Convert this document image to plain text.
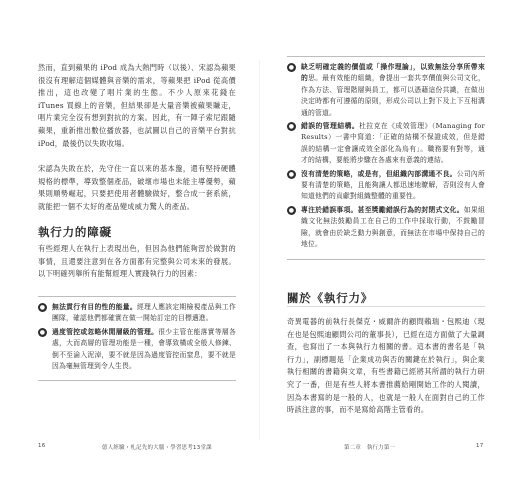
然而，直到蘋果的 iPod 成為大熱門時（以後）、宋認為蘋果很沒有理解這個媒體與音樂的需求，等蘋果把 iPod 從高價推出，這也改變了唱片業的生態。不少人原來花錢在 iTunes 買線上的音樂，但結果卻是大量音樂被蘋果賺走，唱片業完全沒有想到對抗的方案。因此，有一陣子索尼跟隨蘋果，重新推出數位播放器，也試圖以自己的音樂平台對抗 iPod，最後仍以失敗收場。

宋認為失敗在於，先守住一直以來的基本盤，還有堅持硬體規格的標準，導致整個產品，破壞市場也未能主導優勢，蘋果則順勢崛起，只要把使用者體驗做好，整合成一套系統，就能把一個不太好的產品變成威力驚人的產品。

執行力的障礙

有些經理人在執行上表現出色，但因為他們能夠習於做對的事情，且還要注意到在各方面都有完整與公司未來的發展。以下明確列舉所有能幫經理人實踐執行力的因素：

● 無法貫行有目的性的能量。經理人應該定期檢視產品與工作團隊，確認他們都確實在做一開始訂定的目標邁進。
● 過度管控或忽略休閒層級的管理。很少主管在能落實等層各處，大而高層的管理功能是一種，會導致橫或全般人修鍊、倒不至淪入泥淖，要不就是因為過度管控而窒息，要不就是因為毫無管理到令人生畏。
16	億人經驗・札記先的大腦・學習思考13堂課
● 缺乏明確定義的價值或「操作理論」，以致無法分享所帶來的思。最有效能的組織，會提出一套共享價值與公司文化，作為方法、管理階層與員工，都可以憑藉這份共識，在做出決定時都有可遵循的原則，形成公司以上對下及上下互相溝通的管道。
● 錯誤的管理結構。杜拉克在《成效管理》（Managing for Results）一書中寫道：「正確的結構不保證成效，但是錯誤的結構一定會讓成效全部化為烏有」。職務要有對等，通才的結構，要能將步驟在各處來有意義的連結。
● 沒有清楚的策略，或是有，但組織內部溝通不良。公司內所要有清楚的策略，且能夠讓人都迅速地瞭解，否則沒有人會知道他們的貢獻對組織整體的重要性。
● 專注於錯誤事項。甚至獎勵錯誤行為的封閉式文化。如果組織文化無法鼓勵員工在自己的工作中採取行動，不鼓勵冒險，就會由於缺乏動力與創意，而無法在市場中保持自己的地位。
關於《執行力》

奇異電器的前執行長傑克・威爾許的顧問賴瑞・包熙迪（現在也是包熙迪顧問公司的董事長），已經在這方面做了大量調查，也寫出了一本與執行力相關的書。這本書的書名是「執行力」，副標題是「企業成功與否的關鍵在於執行」，與企業執行相關的書籍與文章，有些書籍已經將其所謂的執行力研究了一番，但是有些人將本書推薦給剛開始工作的人閱讀，因為本書寫的是一般的人，也就是一般人在面對自己的工作時該注意的事，而不是寫給高階主管看的。

第二章　執行力第一	17
